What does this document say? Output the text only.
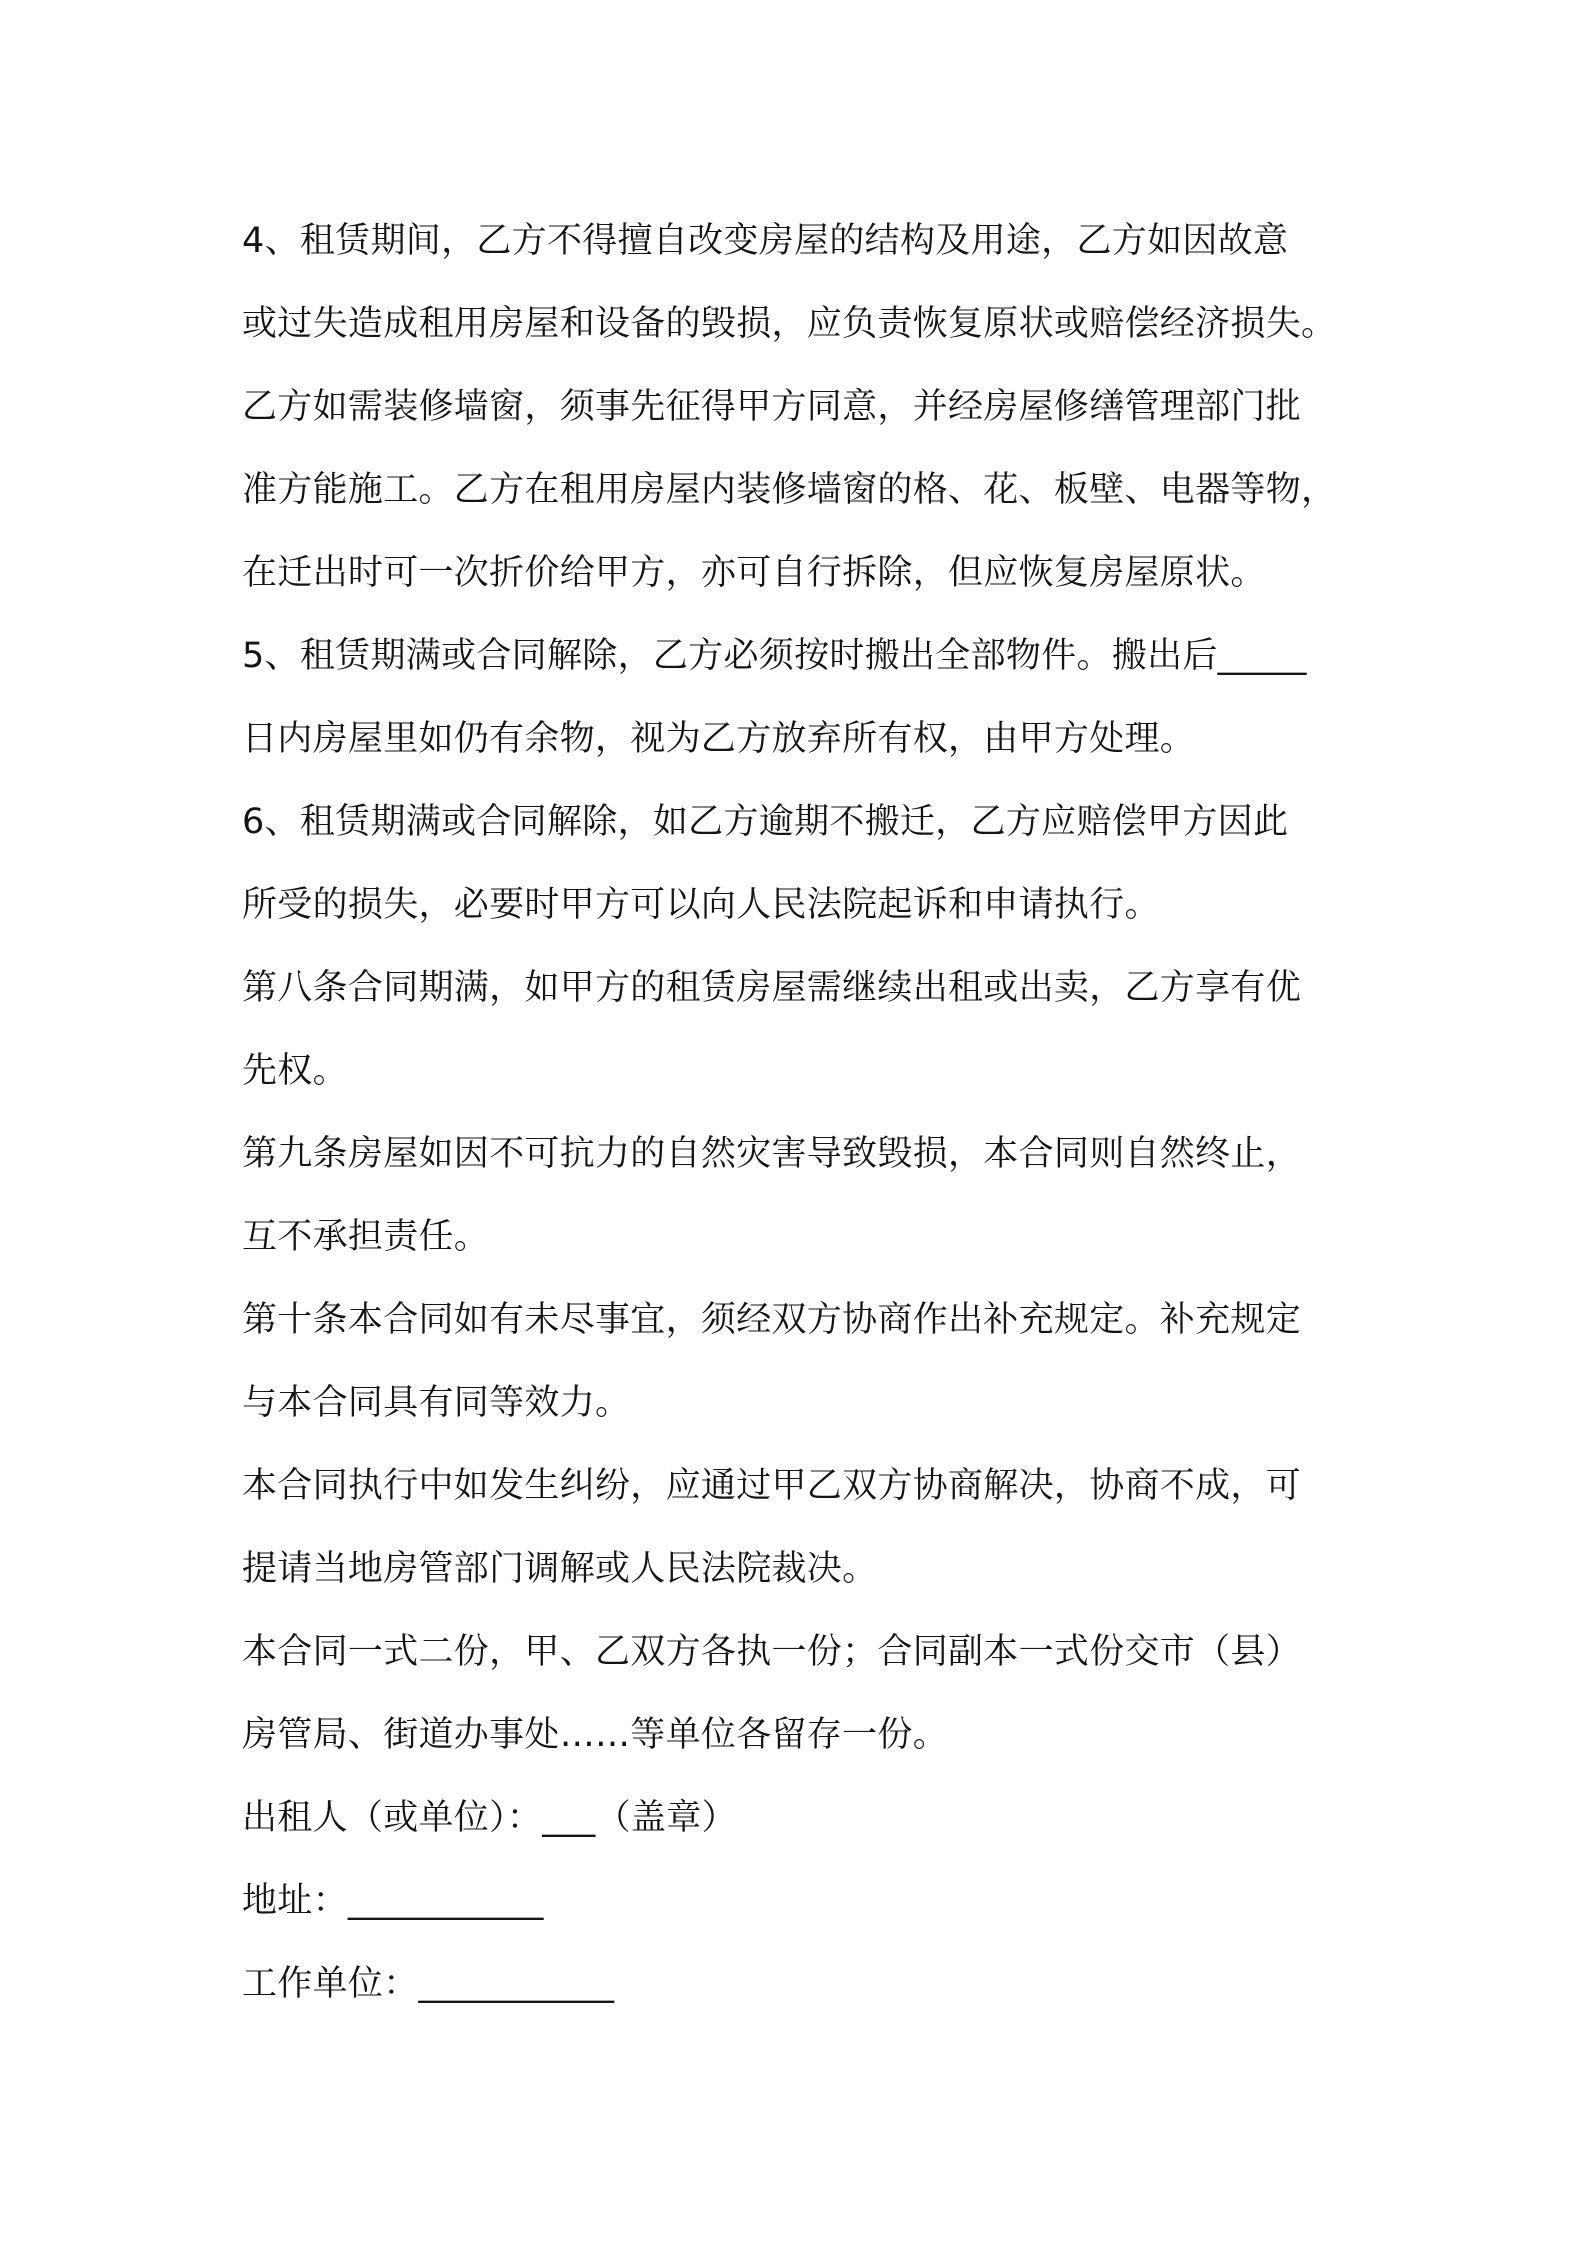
4、租赁期间，乙方不得擅自改变房屋的结构及用途，乙方如因故意
或过失造成租用房屋和设备的毁损，应负责恢复原状或赔偿经济损失。
乙方如需装修墙窗，须事先征得甲方同意，并经房屋修缮管理部门批
准方能施工。乙方在租用房屋内装修墙窗的格、花、板壁、电器等物，
在迁出时可一次折价给甲方，亦可自行拆除，但应恢复房屋原状。
5、租赁期满或合同解除，乙方必须按时搬出全部物件。搬出后_____
日内房屋里如仍有余物，视为乙方放弃所有权，由甲方处理。
6、租赁期满或合同解除，如乙方逾期不搬迁，乙方应赔偿甲方因此
所受的损失，必要时甲方可以向人民法院起诉和申请执行。
第八条合同期满，如甲方的租赁房屋需继续出租或出卖，乙方享有优
先权。
第九条房屋如因不可抗力的自然灾害导致毁损，本合同则自然终止，
互不承担责任。
第十条本合同如有未尽事宜，须经双方协商作出补充规定。补充规定
与本合同具有同等效力。
本合同执行中如发生纠纷，应通过甲乙双方协商解决，协商不成，可
提请当地房管部门调解或人民法院裁决。
本合同一式二份，甲、乙双方各执一份；合同副本一式份交市（县）
房管局、街道办事处……等单位各留存一份。
出租人（或单位）：___（盖章）
地址：___________
工作单位：___________
